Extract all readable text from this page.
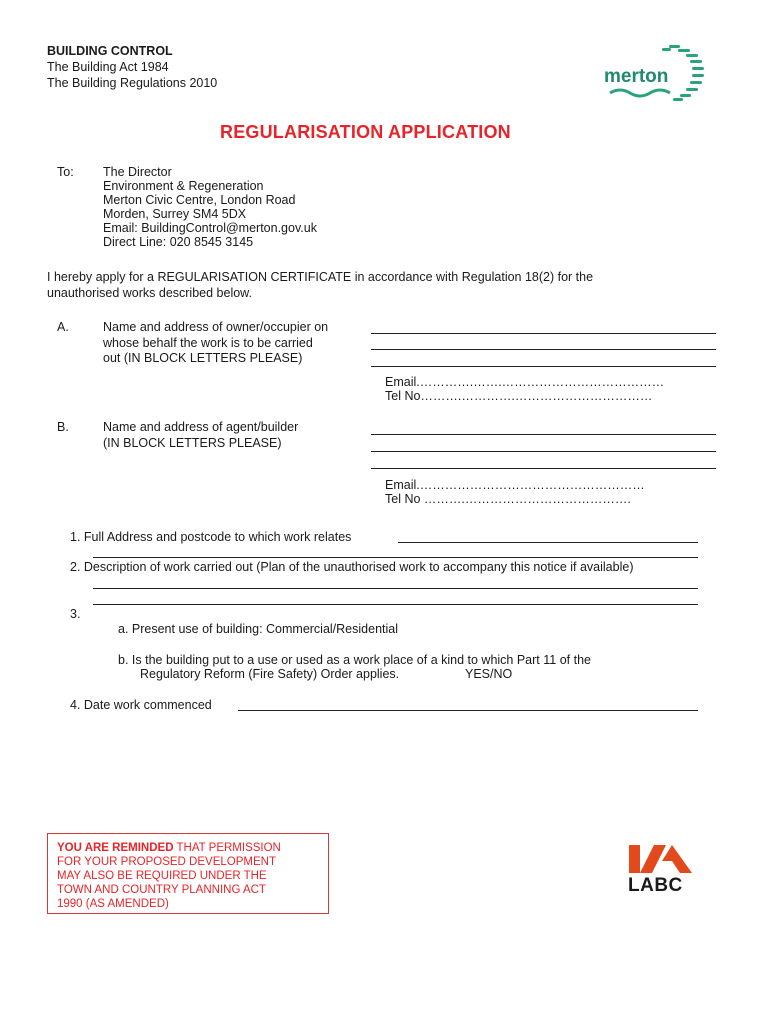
BUILDING CONTROL
The Building Act 1984
The Building Regulations 2010	merton
REGULARISATION APPLICATION
To: The Director
Environment & Regeneration
Merton Civic Centre, London Road
Morden, Surrey SM4 5DX
Email: BuildingControl@merton.gov.uk
Direct Line: 020 8545 3145
I hereby apply for a REGULARISATION CERTIFICATE in accordance with Regulation 18(2) for the
unauthorised works described below.
A.	Name and address of owner/occupier on
whose behalf the work is to be carried
out (IN BLOCK LETTERS PLEASE)
Email.………….…….…………………………………
Tel No……….………….……………………………
B.	Name and address of agent/builder
(IN BLOCK LETTERS PLEASE)
Email.………………………………………………
Tel No ……….………………………………….
1. Full Address and postcode to which work relates
2. Description of work carried out (Plan of the unauthorised work to accompany this notice if available)
3.
a. Present use of building: Commercial/Residential
b. Is the building put to a use or used as a work place of a kind to which Part 11 of the
Regulatory Reform (Fire Safety) Order applies.	YES/NO
4. Date work commenced
YOU ARE REMINDED THAT PERMISSION
FOR YOUR PROPOSED DEVELOPMENT
MAY ALSO BE REQUIRED UNDER THE
TOWN AND COUNTRY PLANNING ACT
1990 (AS AMENDED)
LABC
